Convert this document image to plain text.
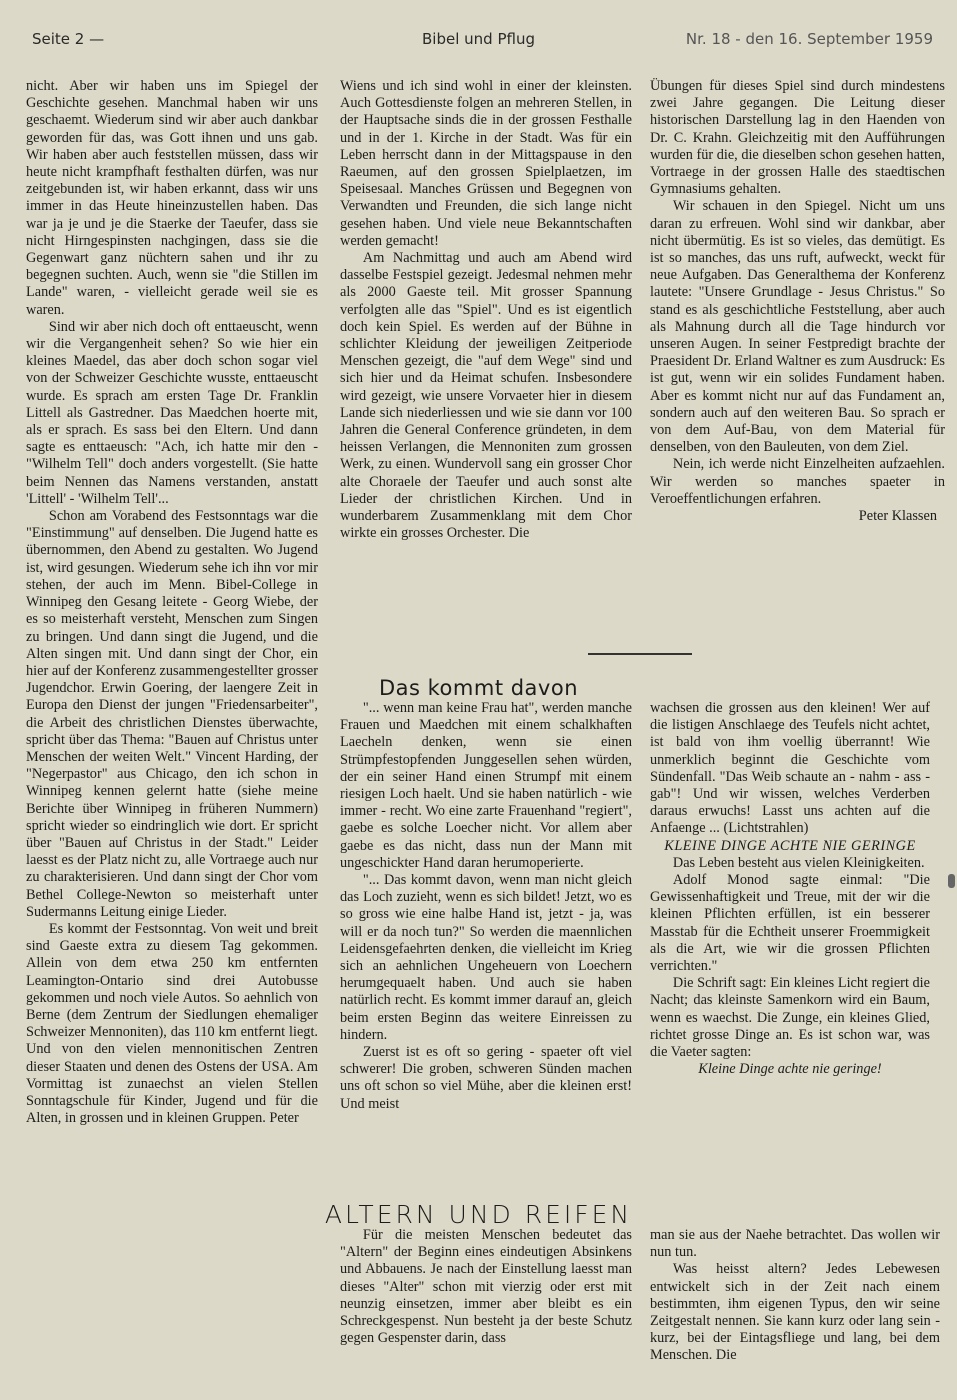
Seite 2 —	Bibel und Pflug	Nr. 18 - den 16. September 1959

nicht. Aber wir haben uns im Spiegel der Geschichte gesehen. Manchmal haben wir uns geschaemt. Wiederum sind wir aber auch dankbar geworden für das, was Gott ihnen und uns gab. Wir haben aber auch feststellen müssen, dass wir heute nicht krampfhaft festhalten dürfen, was nur zeitgebunden ist, wir haben erkannt, dass wir uns immer in das Heute hineinzustellen haben. Das war ja je und je die Staerke der Taeufer, dass sie nicht Hirngespinsten nachgingen, dass sie die Gegenwart ganz nüchtern sahen und ihr zu begegnen suchten. Auch, wenn sie "die Stillen im Lande" waren, - vielleicht gerade weil sie es waren.

Sind wir aber nich doch oft enttaeuscht, wenn wir die Vergangenheit sehen? So wie hier ein kleines Maedel, das aber doch schon sogar viel von der Schweizer Geschichte wusste, enttaeuscht wurde. Es sprach am ersten Tage Dr. Franklin Littell als Gastredner. Das Maedchen hoerte mit, als er sprach. Es sass bei den Eltern. Und dann sagte es enttaeusch: "Ach, ich hatte mir den - "Wilhelm Tell" doch anders vorgestellt. (Sie hatte beim Nennen das Namens verstanden, anstatt 'Littell' - 'Wilhelm Tell'...

Schon am Vorabend des Festsonntags war die "Einstimmung" auf denselben. Die Jugend hatte es übernommen, den Abend zu gestalten. Wo Jugend ist, wird gesungen. Wiederum sehe ich ihn vor mir stehen, der auch im Menn. Bibel-College in Winnipeg den Gesang leitete - Georg Wiebe, der es so meisterhaft versteht, Menschen zum Singen zu bringen. Und dann singt die Jugend, und die Alten singen mit. Und dann singt der Chor, ein hier auf der Konferenz zusammengestellter grosser Jugendchor. Erwin Goering, der laengere Zeit in Europa den Dienst der jungen "Friedensarbeiter", die Arbeit des christlichen Dienstes überwachte, spricht über das Thema: "Bauen auf Christus unter Menschen der weiten Welt." Vincent Harding, der "Negerpastor" aus Chicago, den ich schon in Winnipeg kennen gelernt hatte (siehe meine Berichte über Winnipeg in früheren Nummern) spricht wieder so eindringlich wie dort. Er spricht über "Bauen auf Christus in der Stadt." Leider laesst es der Platz nicht zu, alle Vortraege auch nur zu charakterisieren. Und dann singt der Chor vom Bethel College-Newton so meisterhaft unter Sudermanns Leitung einige Lieder.

Es kommt der Festsonntag. Von weit und breit sind Gaeste extra zu diesem Tag gekommen. Allein von dem etwa 250 km entfernten Leamington-Ontario sind drei Autobusse gekommen und noch viele Autos. So aehnlich von Berne (dem Zentrum der Siedlungen ehemaliger Schweizer Mennoniten), das 110 km entfernt liegt. Und von den vielen mennonitischen Zentren dieser Staaten und denen des Ostens der USA. Am Vormittag ist zunaechst an vielen Stellen Sonntagschule für Kinder, Jugend und für die Alten, in grossen und in kleinen Gruppen. Peter

Wiens und ich sind wohl in einer der kleinsten. Auch Gottesdienste folgen an mehreren Stellen, in der Hauptsache sinds die in der grossen Festhalle und in der 1. Kirche in der Stadt. Was für ein Leben herrscht dann in der Mittagspause in den Raeumen, auf den grossen Spielplaetzen, im Speisesaal. Manches Grüssen und Begegnen von Verwandten und Freunden, die sich lange nicht gesehen haben. Und viele neue Bekanntschaften werden gemacht!

Am Nachmittag und auch am Abend wird dasselbe Festspiel gezeigt. Jedesmal nehmen mehr als 2000 Gaeste teil. Mit grosser Spannung verfolgten alle das "Spiel". Und es ist eigentlich doch kein Spiel. Es werden auf der Bühne in schlichter Kleidung der jeweiligen Zeitperiode Menschen gezeigt, die "auf dem Wege" sind und sich hier und da Heimat schufen. Insbesondere wird gezeigt, wie unsere Vorvaeter hier in diesem Lande sich niederliessen und wie sie dann vor 100 Jahren die General Conference gründeten, in dem heissen Verlangen, die Mennoniten zum grossen Werk, zu einen. Wundervoll sang ein grosser Chor alte Choraele der Taeufer und auch sonst alte Lieder der christlichen Kirchen. Und in wunderbarem Zusammenklang mit dem Chor wirkte ein grosses Orchester. Die

Übungen für dieses Spiel sind durch mindestens zwei Jahre gegangen. Die Leitung dieser historischen Darstellung lag in den Haenden von Dr. C. Krahn. Gleichzeitig mit den Aufführungen wurden für die, die dieselben schon gesehen hatten, Vortraege in der grossen Halle des staedtischen Gymnasiums gehalten.

Wir schauen in den Spiegel. Nicht um uns daran zu erfreuen. Wohl sind wir dankbar, aber nicht übermütig. Es ist so vieles, das demütigt. Es ist so manches, das uns ruft, aufweckt, weckt für neue Aufgaben. Das Generalthema der Konferenz lautete: "Unsere Grundlage - Jesus Christus." So stand es als geschichtliche Feststellung, aber auch als Mahnung durch all die Tage hindurch vor unseren Augen. In seiner Festpredigt brachte der Praesident Dr. Erland Waltner es zum Ausdruck: Es ist gut, wenn wir ein solides Fundament haben. Aber es kommt nicht nur auf das Fundament an, sondern auch auf den weiteren Bau. So sprach er von dem Auf-Bau, von dem Material für denselben, von den Bauleuten, von dem Ziel.

Nein, ich werde nicht Einzelheiten aufzaehlen. Wir werden so manches spaeter in Veroeffentlichungen erfahren.

Peter Klassen

Das kommt davon

"... wenn man keine Frau hat", werden manche Frauen und Maedchen mit einem schalkhaften Laecheln denken, wenn sie einen Strümpfestopfenden Junggesellen sehen würden, der ein seiner Hand einen Strumpf mit einem riesigen Loch haelt. Und sie haben natürlich - wie immer - recht. Wo eine zarte Frauenhand "regiert", gaebe es solche Loecher nicht. Vor allem aber gaebe es das nicht, dass nun der Mann mit ungeschickter Hand daran herumoperierte.

"... Das kommt davon, wenn man nicht gleich das Loch zuzieht, wenn es sich bildet! Jetzt, wo es so gross wie eine halbe Hand ist, jetzt - ja, was will er da noch tun?" So werden die maennlichen Leidensgefaehrten denken, die vielleicht im Krieg sich an aehnlichen Ungeheuern von Loechern herumgequaelt haben. Und auch sie haben natürlich recht. Es kommt immer darauf an, gleich beim ersten Beginn das weitere Einreissen zu hindern.

Zuerst ist es oft so gering - spaeter oft viel schwerer! Die groben, schweren Sünden machen uns oft schon so viel Mühe, aber die kleinen erst! Und meist

wachsen die grossen aus den kleinen! Wer auf die listigen Anschlaege des Teufels nicht achtet, ist bald von ihm voellig überrannt! Wie unmerklich beginnt die Geschichte vom Sündenfall. "Das Weib schaute an - nahm - ass - gab"! Und wir wissen, welches Verderben daraus erwuchs! Lasst uns achten auf die Anfaenge ... (Lichtstrahlen)

KLEINE DINGE ACHTE NIE GERINGE

Das Leben besteht aus vielen Kleinigkeiten.

Adolf Monod sagte einmal: "Die Gewissenhaftigkeit und Treue, mit der wir die kleinen Pflichten erfüllen, ist ein besserer Masstab für die Echtheit unserer Froemmigkeit als die Art, wie wir die grossen Pflichten verrichten."

Die Schrift sagt: Ein kleines Licht regiert die Nacht; das kleinste Samenkorn wird ein Baum, wenn es waechst. Die Zunge, ein kleines Glied, richtet grosse Dinge an. Es ist schon war, was die Vaeter sagten:

Kleine Dinge achte nie geringe!

ALTERN UND REIFEN

Für die meisten Menschen bedeutet das "Altern" der Beginn eines eindeutigen Absinkens und Abbauens. Je nach der Einstellung laesst man dieses "Alter" schon mit vierzig oder erst mit neunzig einsetzen, immer aber bleibt es ein Schreckgespenst. Nun besteht ja der beste Schutz gegen Gespenster darin, dass

man sie aus der Naehe betrachtet. Das wollen wir nun tun.

Was heisst altern? Jedes Lebewesen entwickelt sich in der Zeit nach einem bestimmten, ihm eigenen Typus, den wir seine Zeitgestalt nennen. Sie kann kurz oder lang sein - kurz, bei der Eintagsfliege und lang, bei dem Menschen. Die
